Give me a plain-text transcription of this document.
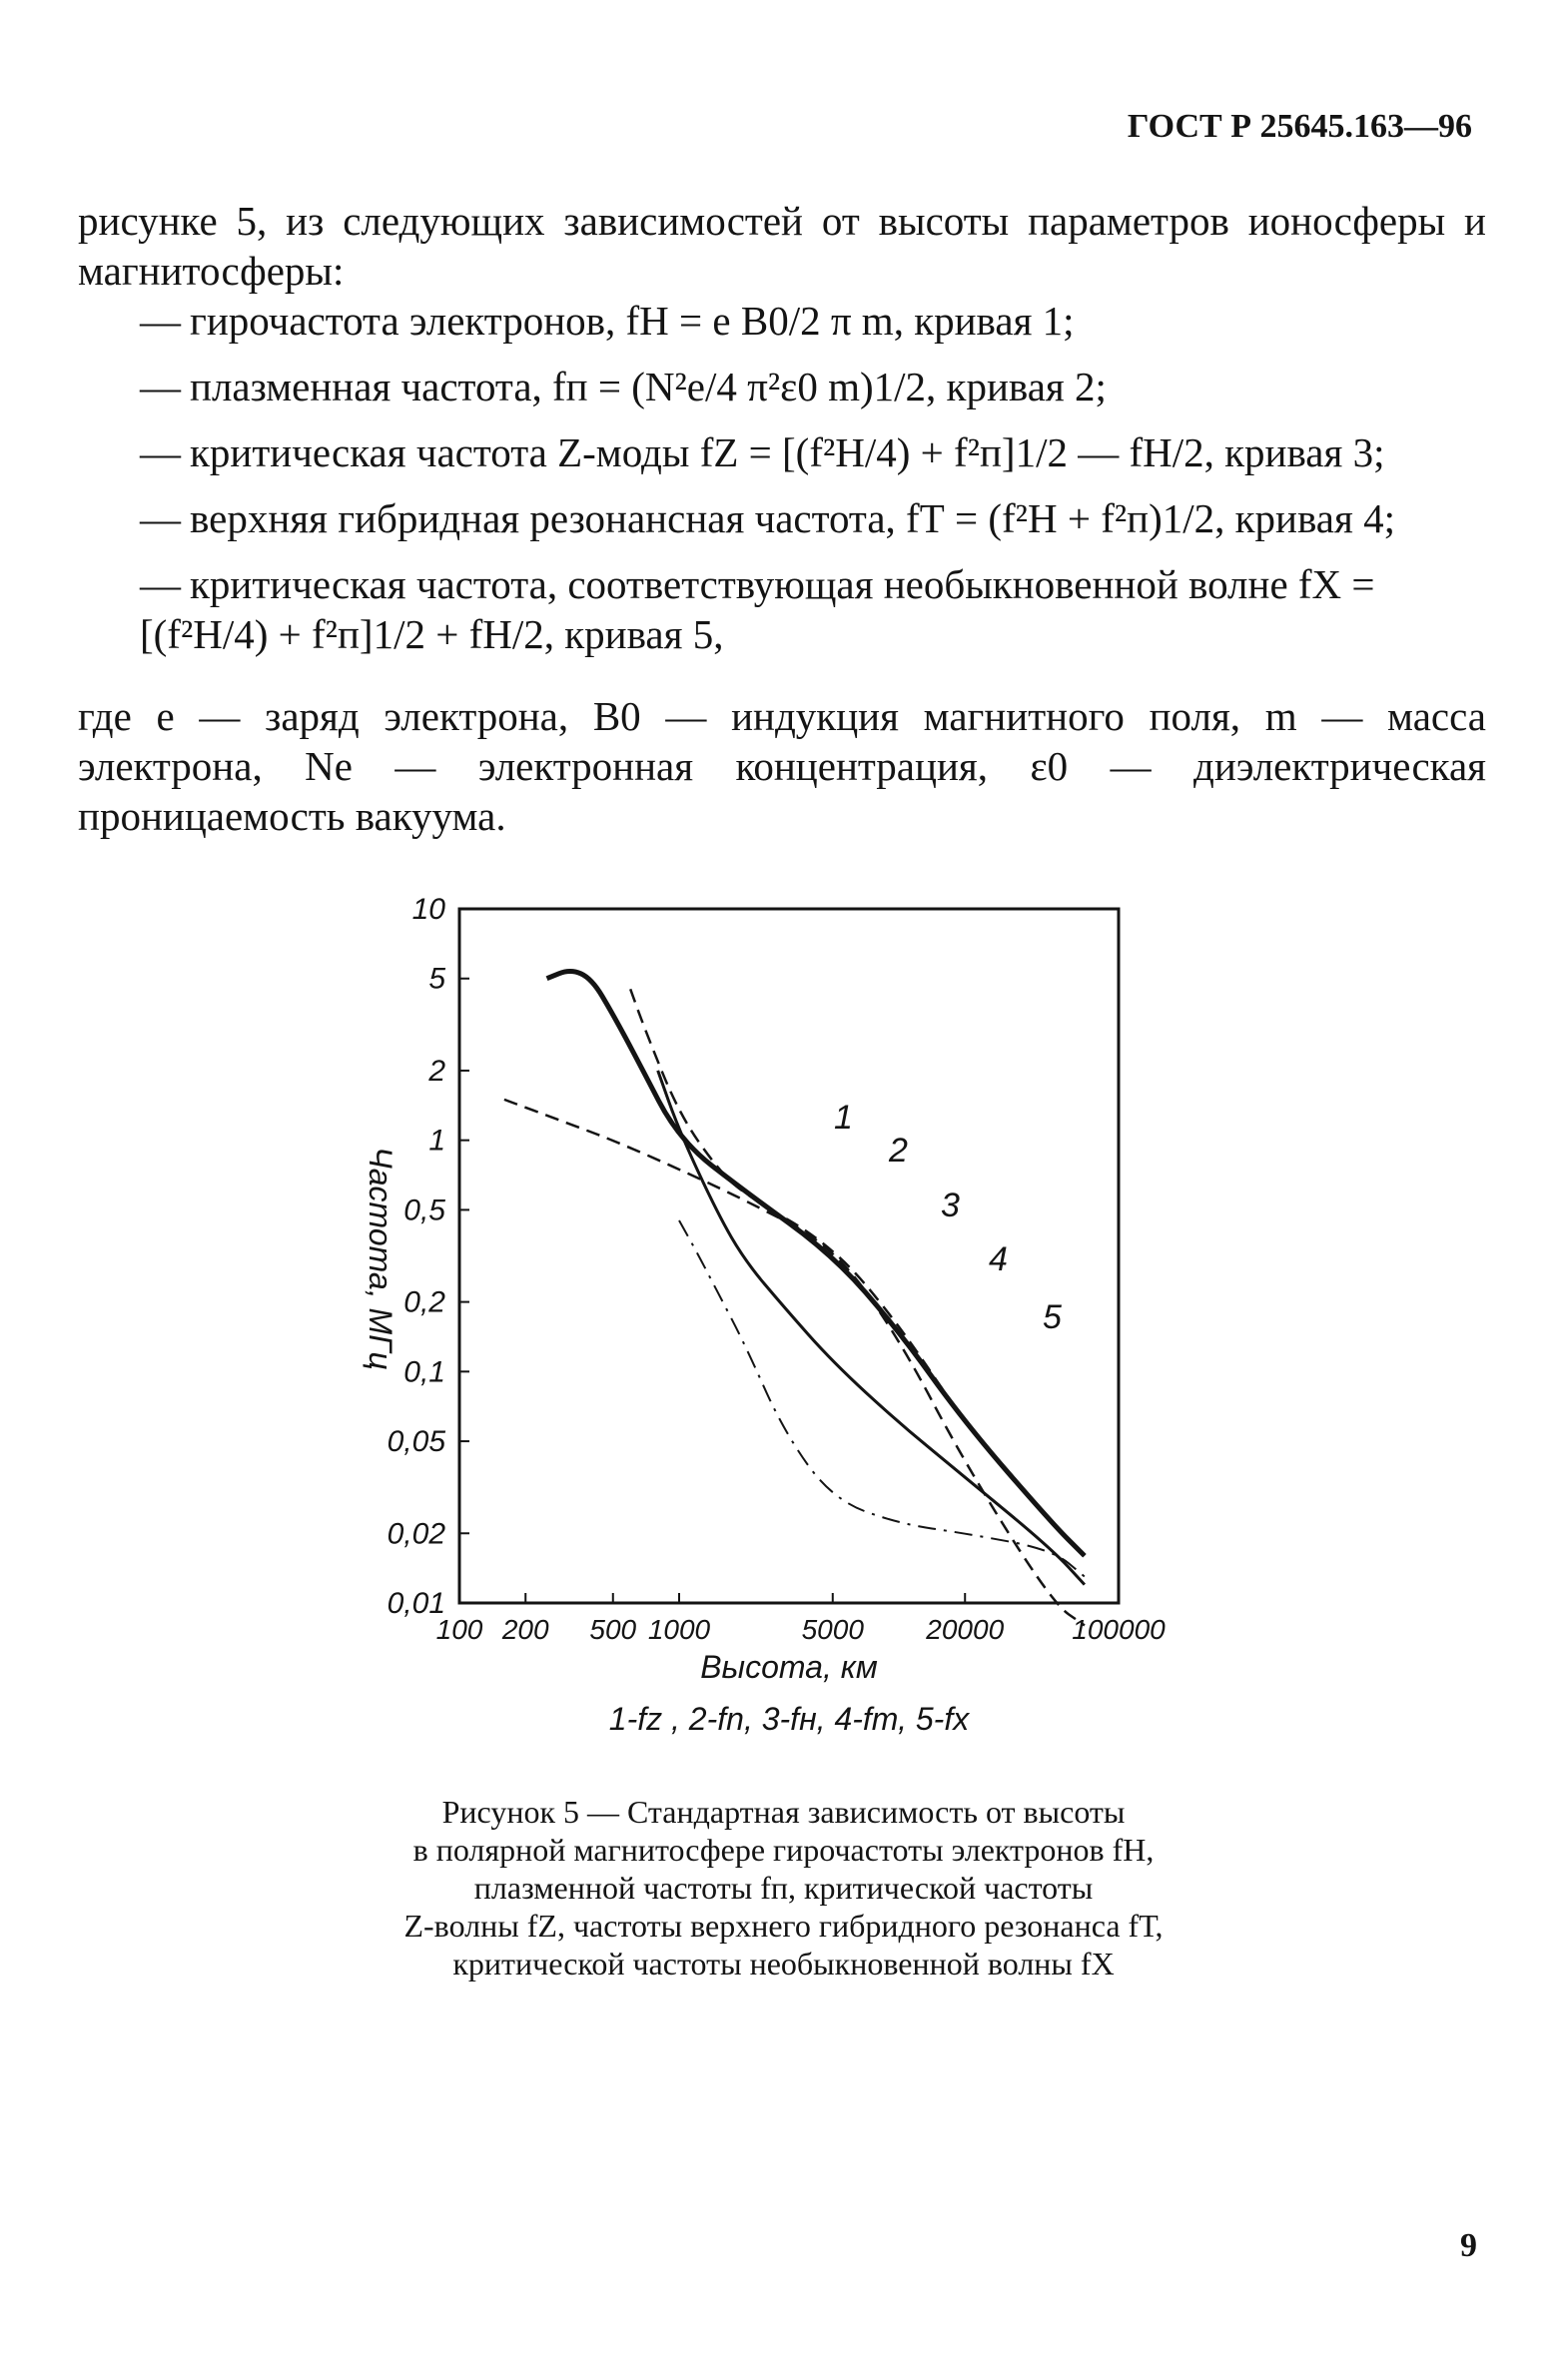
ГОСТ Р 25645.163—96
рисунке 5, из следующих зависимостей от высоты параметров ионосферы и магнитосферы:
— гирочастота электронов, fН = e B0/2 π m, кривая 1;
— плазменная частота, fп = (N²е/4 π²ε0 m)1/2, кривая 2;
— критическая частота Z-моды fZ = [(f²Н/4) + f²п]1/2 — fН/2, кривая 3;
— верхняя гибридная резонансная частота, fТ = (f²Н + f²п)1/2, кривая 4;
— критическая частота, соответствующая необыкновенной волне fХ = [(f²Н/4) + f²п]1/2 + fН/2, кривая 5,
где e — заряд электрона, B0 — индукция магнитного поля, m — масса электрона, Nе — электронная концентрация, ε0 — диэлектрическая проницаемость вакуума.
100 200 500 1000	5000 20000 100000
10
5
2
1
0,5
0,2
0,1
0,05
0,02
0,01
1
2
3
4
5
Частота, МГц
Высота, км
1-fz , 2-fn, 3-fн, 4-fт, 5-fx
Рисунок 5 — Стандартная зависимость от высоты
в полярной магнитосфере гирочастоты электронов fН,
плазменной частоты fп, критической частоты
Z-волны fZ, частоты верхнего гибридного резонанса fТ,
критической частоты необыкновенной волны fХ
9
